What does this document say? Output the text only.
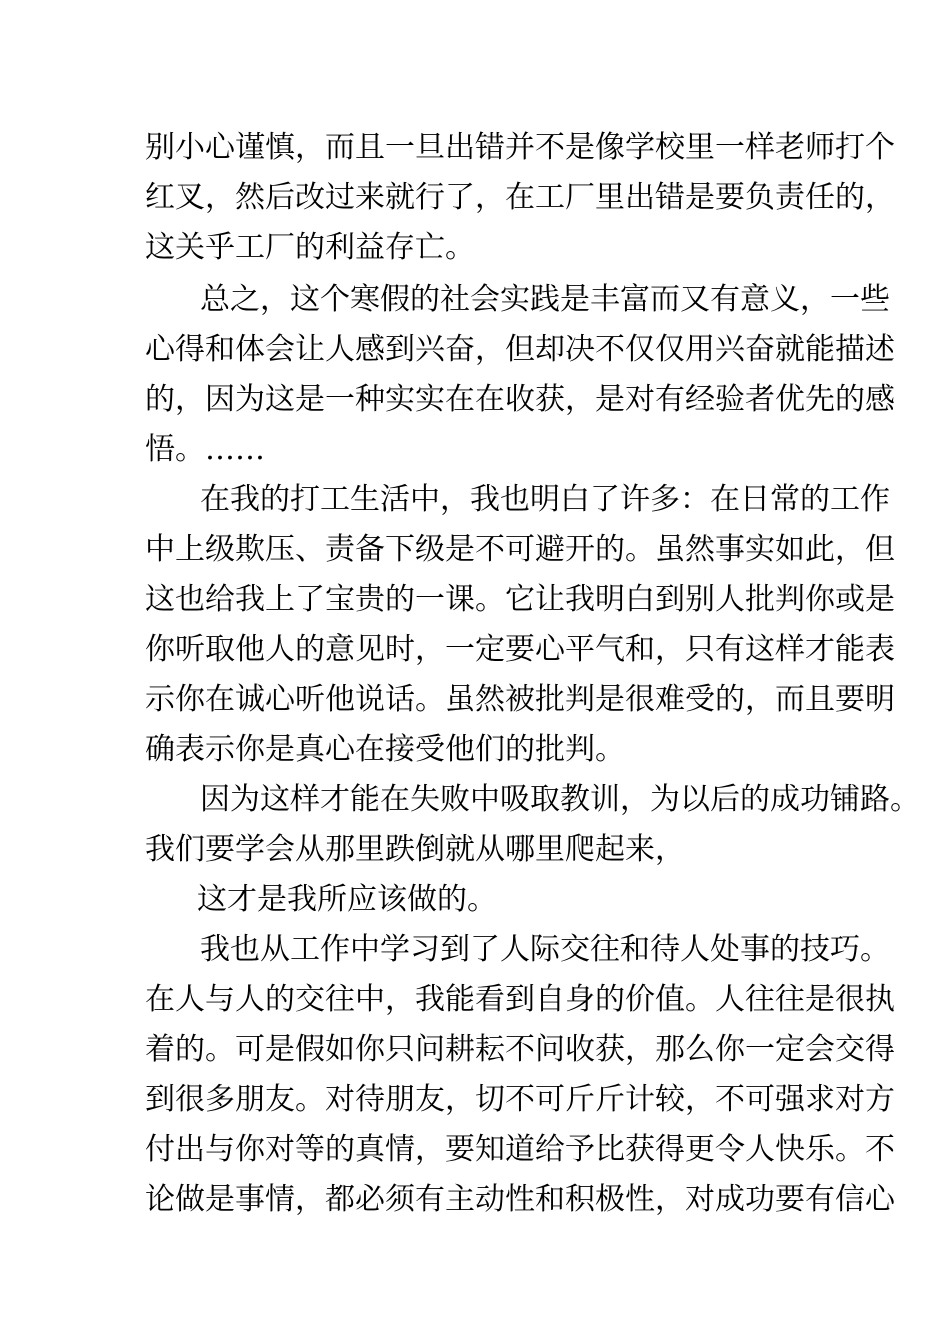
别小心谨慎，而且一旦出错并不是像学校里一样老师打个
红叉，然后改过来就行了，在工厂里出错是要负责任的，
这关乎工厂的利益存亡。
总之，这个寒假的社会实践是丰富而又有意义，一些
心得和体会让人感到兴奋，但却决不仅仅用兴奋就能描述
的，因为这是一种实实在在收获，是对有经验者优先的感
悟。……
在我的打工生活中，我也明白了许多：在日常的工作
中上级欺压、责备下级是不可避开的。虽然事实如此，但
这也给我上了宝贵的一课。它让我明白到别人批判你或是
你听取他人的意见时，一定要心平气和，只有这样才能表
示你在诚心听他说话。虽然被批判是很难受的，而且要明
确表示你是真心在接受他们的批判。
因为这样才能在失败中吸取教训，为以后的成功铺路。
我们要学会从那里跌倒就从哪里爬起来，
这才是我所应该做的。
我也从工作中学习到了人际交往和待人处事的技巧。
在人与人的交往中，我能看到自身的价值。人往往是很执
着的。可是假如你只问耕耘不问收获，那么你一定会交得
到很多朋友。对待朋友，切不可斤斤计较，不可强求对方
付出与你对等的真情，要知道给予比获得更令人快乐。不
论做是事情，都必须有主动性和积极性，对成功要有信心
